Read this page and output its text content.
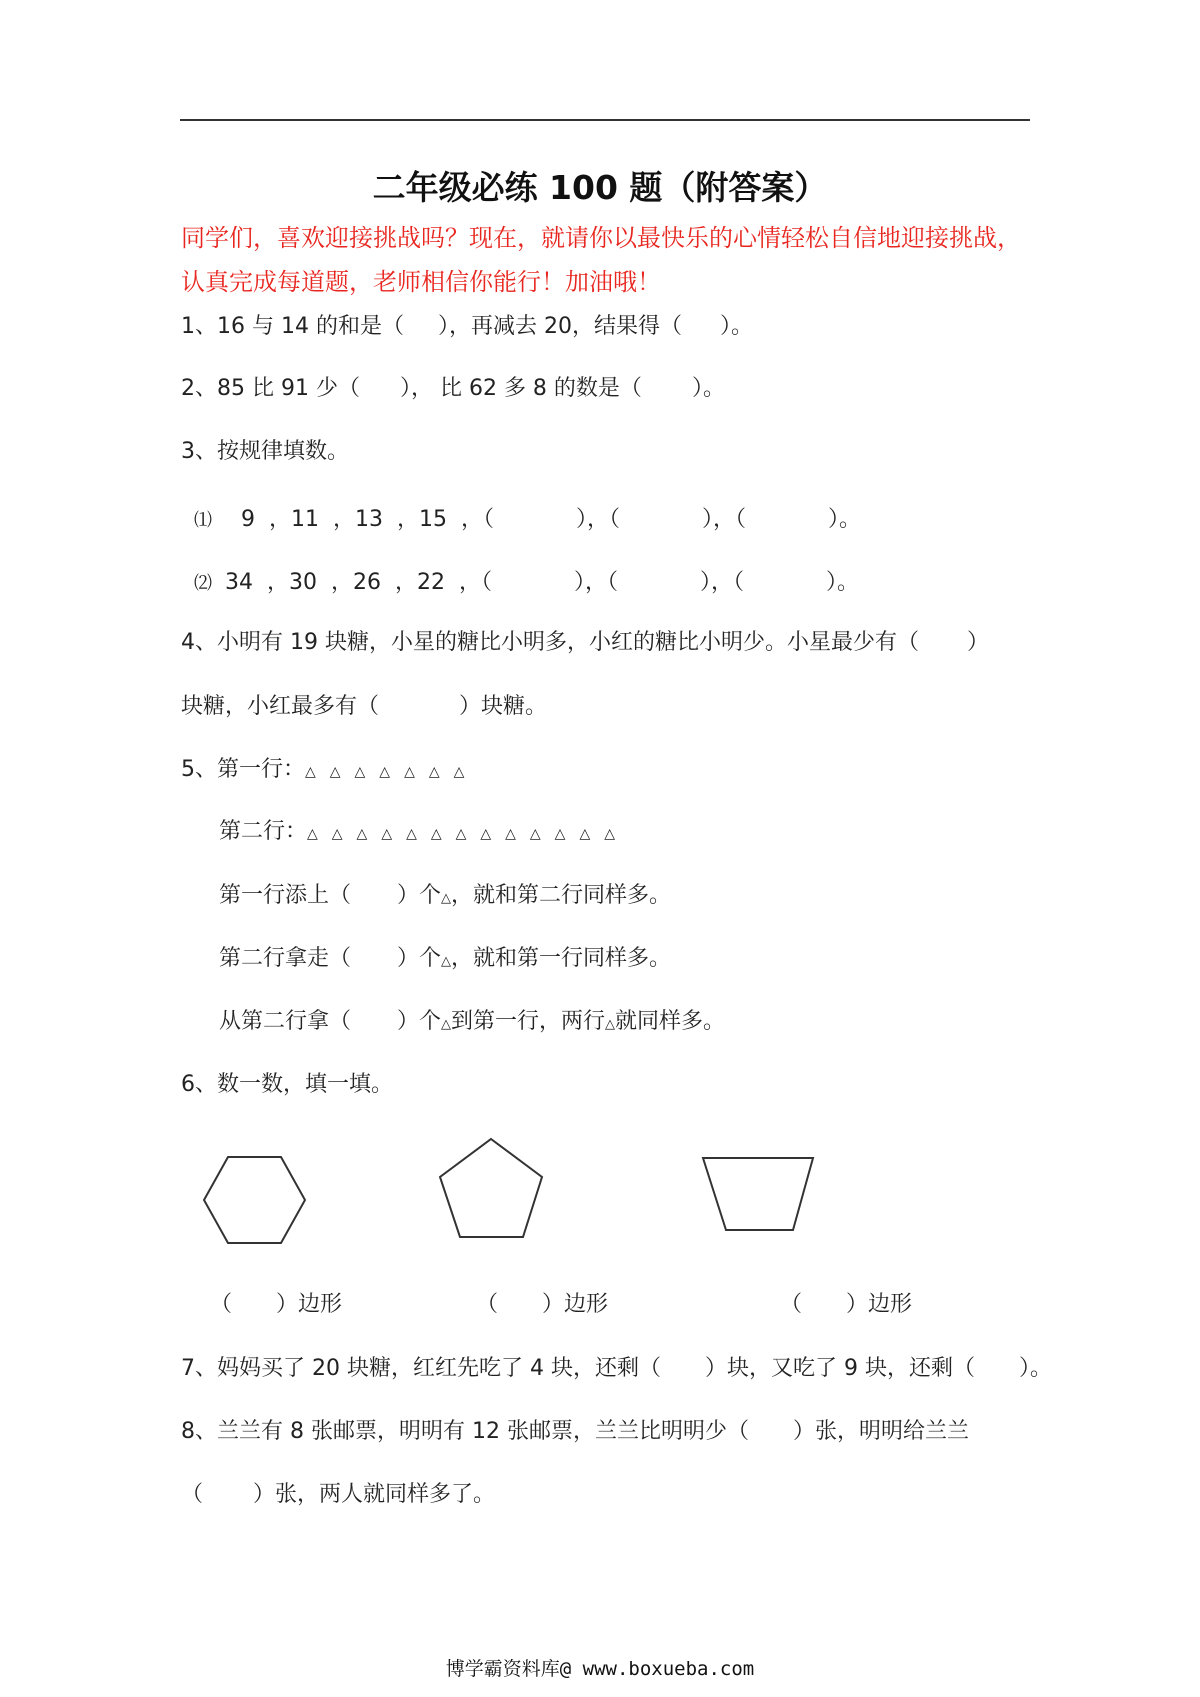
二年级必练 100 题（附答案）
同学们，喜欢迎接挑战吗？现在，就请你以最快乐的心情轻松自信地迎接挑战，
认真完成每道题，老师相信你能行！加油哦！
1、16 与 14 的和是（ ），再减去 20，结果得（ ）。
2、85 比 91 少（ ）， 比 62 多 8 的数是（ ）。
3、按规律填数。
⑴ 9 ，11 ，13 ，15 ，（	），（	），（	）。
⑵ 34 ，30 ，26 ，22 ，（	），（	），（	）。
4、小明有 19 块糖，小星的糖比小明多，小红的糖比小明少。小星最少有（ ）
块糖，小红最多有（	）块糖。
5、第一行：△△△△△△△
第二行：△△△△△△△△△△△△△
第一行添上（ ）个△，就和第二行同样多。
第二行拿走（ ）个△，就和第一行同样多。
从第二行拿（ ）个△到第一行，两行△就同样多。
6、数一数，填一填。
（ ）边形	（ ）边形	（ ）边形
7、妈妈买了 20 块糖，红红先吃了 4 块，还剩（ ）块，又吃了 9 块，还剩（ ）。
8、兰兰有 8 张邮票，明明有 12 张邮票，兰兰比明明少（ ）张，明明给兰兰
（ ）张，两人就同样多了。
博学霸资料库@ www.boxueba.com
